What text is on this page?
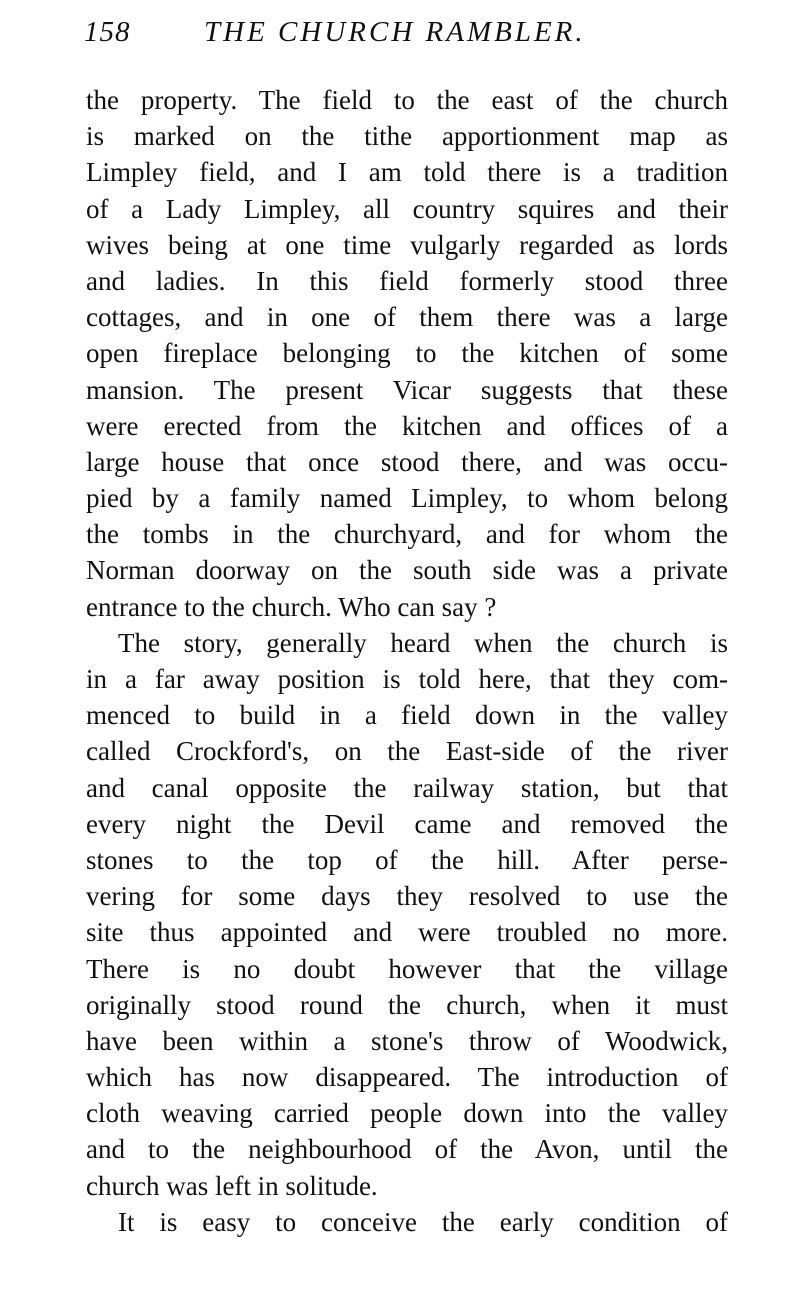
158	THE CHURCH RAMBLER.
the property. The field to the east of the church
is marked on the tithe apportionment map as
Limpley field, and I am told there is a tradition
of a Lady Limpley, all country squires and their
wives being at one time vulgarly regarded as lords
and ladies. In this field formerly stood three
cottages, and in one of them there was a large
open fireplace belonging to the kitchen of some
mansion. The present Vicar suggests that these
were erected from the kitchen and offices of a
large house that once stood there, and was occu-
pied by a family named Limpley, to whom belong
the tombs in the churchyard, and for whom the
Norman doorway on the south side was a private
entrance to the church. Who can say ?
The story, generally heard when the church is
in a far away position is told here, that they com-
menced to build in a field down in the valley
called Crockford's, on the East-side of the river
and canal opposite the railway station, but that
every night the Devil came and removed the
stones to the top of the hill. After perse-
vering for some days they resolved to use the
site thus appointed and were troubled no more.
There is no doubt however that the village
originally stood round the church, when it must
have been within a stone's throw of Woodwick,
which has now disappeared. The introduction of
cloth weaving carried people down into the valley
and to the neighbourhood of the Avon, until the
church was left in solitude.
It is easy to conceive the early condition of
